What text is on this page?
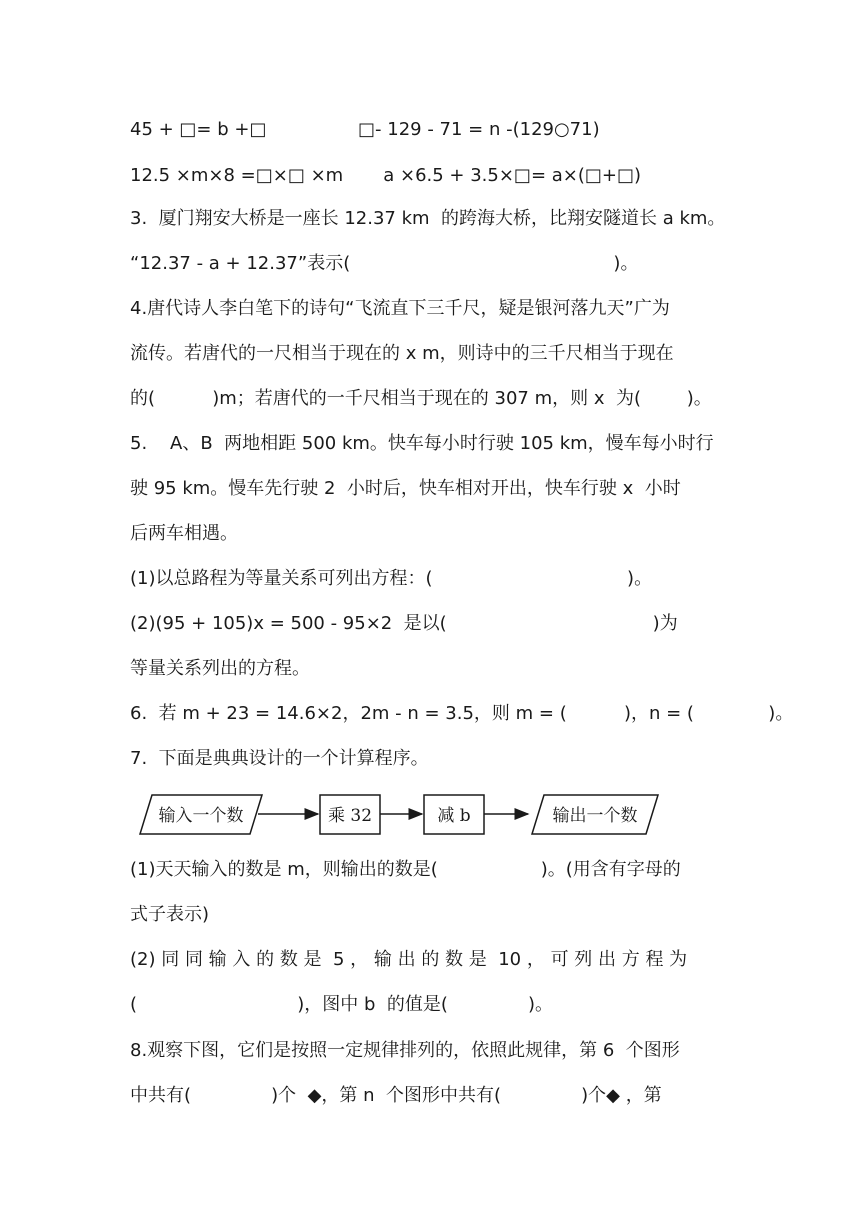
45 + □= b +□                □- 129 - 71 = n -(129○71)
12.5 ×m×8 =□×□ ×m       a ×6.5 + 3.5×□= a×(□+□)
3.  厦门翔安大桥是一座长 12.37 km  的跨海大桥，比翔安隧道长 a km。
“12.37 - a + 12.37”表示(                                              )。
4.唐代诗人李白笔下的诗句“飞流直下三千尺，疑是银河落九天”广为
流传。若唐代的一尺相当于现在的 x m，则诗中的三千尺相当于现在
的(          )m；若唐代的一千尺相当于现在的 307 m，则 x  为(        )。
5.    A、B  两地相距 500 km。快车每小时行驶 105 km，慢车每小时行
驶 95 km。慢车先行驶 2  小时后，快车相对开出，快车行驶 x  小时
后两车相遇。
(1)以总路程为等量关系可列出方程：(                                  )。
(2)(95 + 105)x = 500 - 95×2  是以(                                    )为
等量关系列出的方程。
6.  若 m + 23 = 14.6×2，2m - n = 3.5，则 m = (          )，n = (             )。
7.  下面是典典设计的一个计算程序。
输入一个数	乘 32	减 b	输出一个数
(1)天天输入的数是 m，则输出的数是(                  )。(用含有字母的
式子表示)
(2) 同 同 输 入 的 数 是  5 ， 输 出 的 数 是  10 ， 可 列 出 方 程 为
(                            )，图中 b  的值是(              )。
8.观察下图，它们是按照一定规律排列的，依照此规律，第 6  个图形
中共有(              )个  ◆，第 n  个图形中共有(              )个◆ ，第
